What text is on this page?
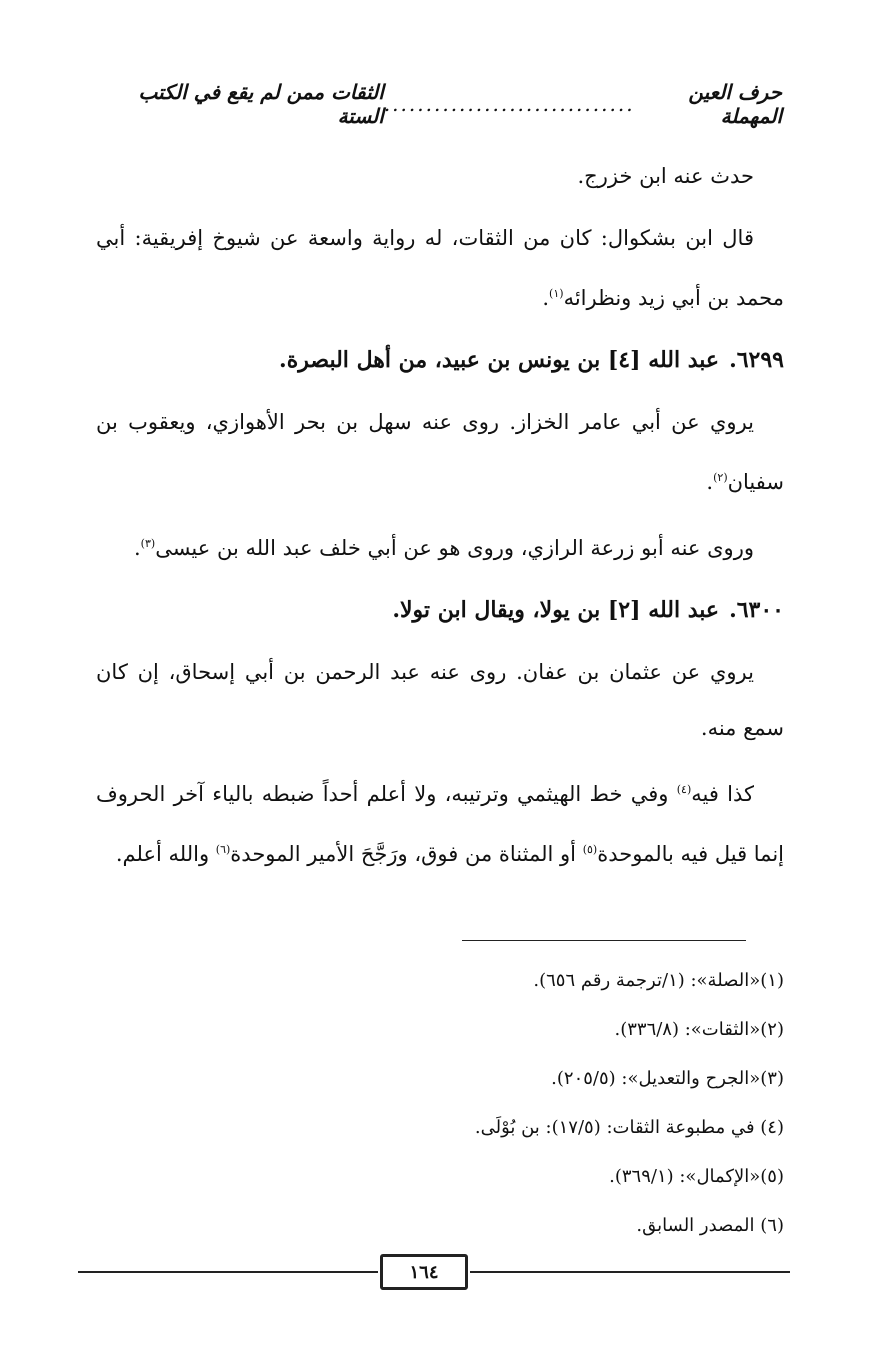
حرف العين المهملة
..............................
الثقات ممن لم يقع في الكتب الستة

حدث عنه ابن خزرج.

قال ابن بشكوال: كان من الثقات، له رواية واسعة عن شيوخ إفريقية: أبي محمد بن أبي زيد ونظرائه$^{(١)}$.

٦٢٩٩.عبد الله [٤] بن يونس بن عبيد، من أهل البصرة.

يروي عن أبي عامر الخزاز. روى عنه سهل بن بحر الأهوازي، ويعقوب بن سفيان$^{(٢)}$.

وروى عنه أبو زرعة الرازي، وروى هو عن أبي خلف عبد الله بن عيسى$^{(٣)}$.

٦٣٠٠.عبد الله [٢] بن يولا، ويقال ابن تولا.

يروي عن عثمان بن عفان. روى عنه عبد الرحمن بن أبي إسحاق، إن كان سمع منه.

كذا فيه$^{(٤)}$ وفي خط الهيثمي وترتيبه، ولا أعلم أحداً ضبطه بالياء آخر الحروف إنما قيل فيه بالموحدة$^{(٥)}$ أو المثناة من فوق، ورَجَّحَ الأمير الموحدة$^{(٦)}$ والله أعلم.

(١)«الصلة»: (١/ترجمة رقم ٦٥٦).
(٢)«الثقات»: (٣٣٦/٨).
(٣)«الجرح والتعديل»: (٢٠٥/٥).
(٤) في مطبوعة الثقات: (١٧/٥): بن بُوْلَى.
(٥)«الإكمال»: (٣٦٩/١).
(٦) المصدر السابق.
١٦٤
